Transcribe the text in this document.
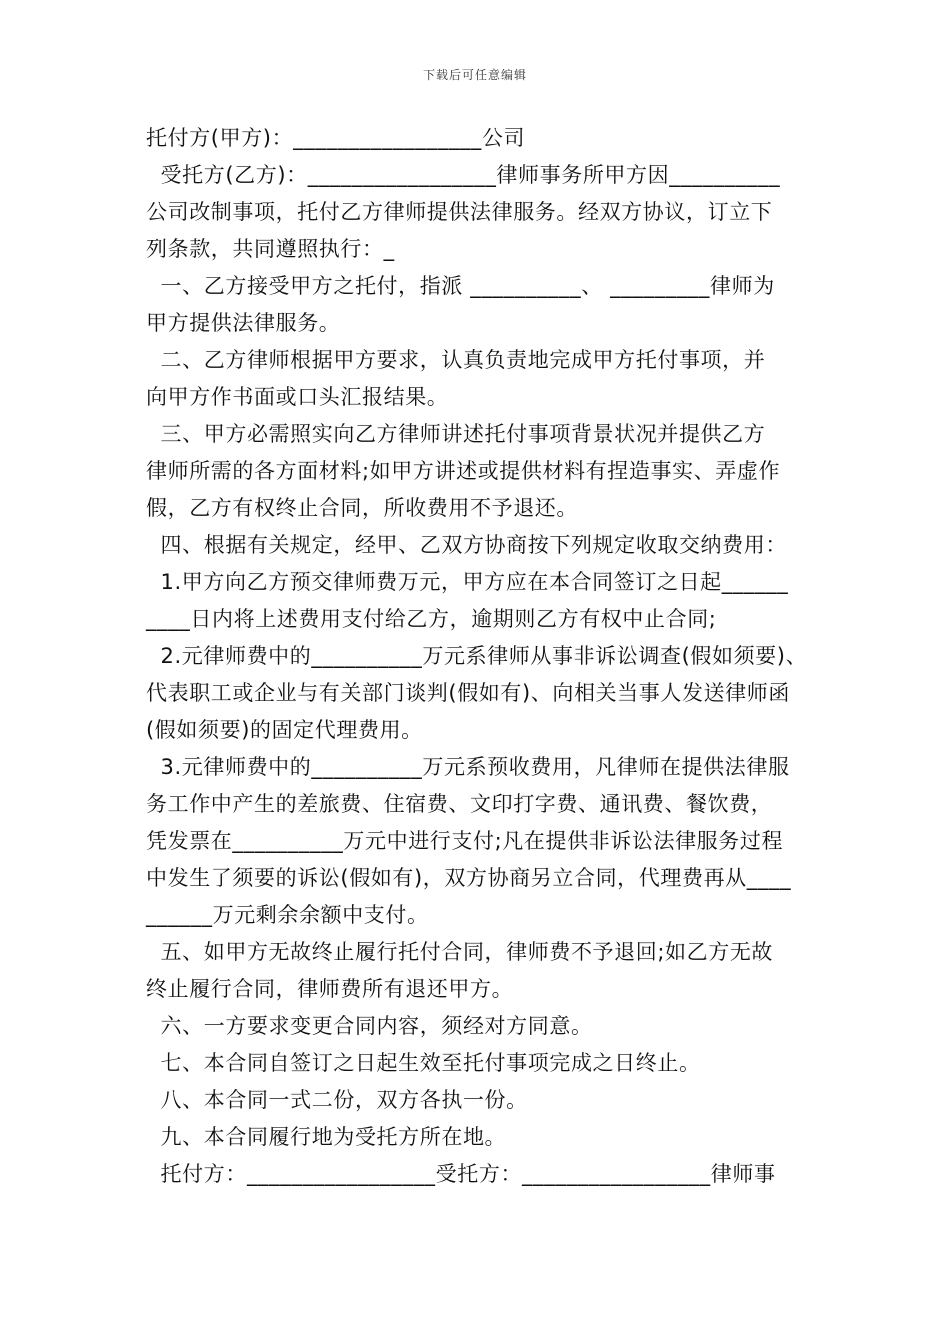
下载后可任意编辑
托付方(甲方)：_________________公司
受托方(乙方)：_________________律师事务所甲方因__________
公司改制事项，托付乙方律师提供法律服务。经双方协议，订立下
列条款，共同遵照执行：_
一、乙方接受甲方之托付，指派 __________、 _________律师为
甲方提供法律服务。
二、乙方律师根据甲方要求，认真负责地完成甲方托付事项，并
向甲方作书面或口头汇报结果。
三、甲方必需照实向乙方律师讲述托付事项背景状况并提供乙方
律师所需的各方面材料;如甲方讲述或提供材料有捏造事实、弄虚作
假，乙方有权终止合同，所收费用不予退还。
四、根据有关规定，经甲、乙双方协商按下列规定收取交纳费用：
1.甲方向乙方预交律师费万元，甲方应在本合同签订之日起______
____日内将上述费用支付给乙方，逾期则乙方有权中止合同;
2.元律师费中的__________万元系律师从事非诉讼调查(假如须要)、
代表职工或企业与有关部门谈判(假如有)、向相关当事人发送律师函
(假如须要)的固定代理费用。
3.元律师费中的__________万元系预收费用，凡律师在提供法律服
务工作中产生的差旅费、住宿费、文印打字费、通讯费、餐饮费，
凭发票在__________万元中进行支付;凡在提供非诉讼法律服务过程
中发生了须要的诉讼(假如有)，双方协商另立合同，代理费再从____
______万元剩余余额中支付。
五、如甲方无故终止履行托付合同，律师费不予退回;如乙方无故
终止履行合同，律师费所有退还甲方。
六、一方要求变更合同内容，须经对方同意。
七、本合同自签订之日起生效至托付事项完成之日终止。
八、本合同一式二份，双方各执一份。
九、本合同履行地为受托方所在地。
托付方：_________________受托方：_________________律师事
